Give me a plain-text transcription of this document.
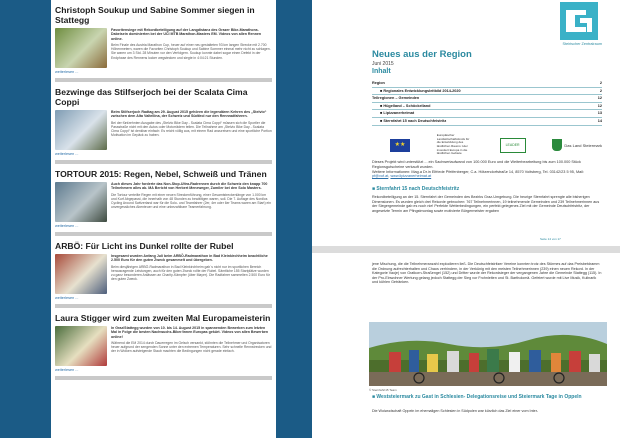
Christoph Soukup und Sabine Sommer siegen in Stattegg
Favoritensiege mit Rekordbeteiligung auf der Langdistanz des Grazer Bike-Marathons. Dabeisein dominierten bei der UCI MTB Marathon-Masters EM. Videos von allen Rennen online.
Beim Finale des Austria Marathon Cup, heuer auf einer neu gestalteten 93 km langen Strecke mit 2.700 Höhenmetern, waren die Favoriten Christoph Soukup und Sabine Sommer einmal mehr nicht zu schlagen. Sie waren um 3 Std. 28 Minuten vor den Verfolgern. Soukup konnte dabei sogar einen Defekt in der Endphase des Rennens locker wegstecken und siegte in 4:04:21 Stunden.
weiterlesen ...
Bezwinge das Stilfserjoch bei der Scalata Cima Coppi
Beim Stilfserjoch Radtag am 29. August 2015 gehören die legendären Kehren des „Stelvio“ zwischen dem Alta Valtellina, der Schweiz und Südtirol nur den Rennradfahrern.
Bei der fünfzehnten Ausgabe des „Stelvio Bike Day - Scalata Cima Coppi“ müssen sich die Sportler die Passstraße nicht mit den Autos oder Motorrädern teilen. Die Teilnahme am „Stelvio Bike Day - Scalata Cima Coppi“ ist denkbar einfach: Es reicht völlig aus, mit einem Rad anzureisen und eine sportliche Portion Motivation im Gepäck zu haben.
weiterlesen ...
TORTOUR 2015: Regen, Nebel, Schweiß und Tränen
Auch dieses Jahr forderte das Non-Stop-Ultra-Radrennen durch die Schweiz den knapp 700 Teilnehmern alles ab. MA Bericht von Herbert Meneweger, Zumiler bei den Solo Masters.
Die Tortour verteilte Regen mit einer neuen Streckenführung, einer Gesamtstreckenlänge von 1.000 km und Kurf Abgepasst, die innerhalb von 48 Stunden zu bewältigen waren, soll. Die 7. Auflage des Nordlos Cycling Around Switzerland war für die Solo- und Teamfahrer (2er, 4er oder 6er Teams waren am Start) ein unvergessliches Abenteuer und eine unbezahlbare Teamerfahrung.
weiterlesen ...
ARBÖ: Für Licht ins Dunkel rollte der Rubel
Insgesamt wurden Anfang Juli beim ARBÖ-Radmarathon in Bad Kleinkirchheim beachtliche 2.500 Euro für den guten Zweck gesammelt und übergeben.
Beim diesjährigen ARBÖ-Radmarathon in Bad Kleinkirchheim gab´s nicht nur im sportlichen Bereich herausragende Leistungen, auch für den guten Zweck rollte der Rubel. Sämtliche 155 Startplätze wurden zu ganz besonderen Anlässen an Charity-Kämpfer (über Mayer). Die Radfahrer sammelten 2.500 Euro für den guten Zweck.
weiterlesen ...
Laura Stigger wird zum zweiten Mal Europameisterin
In Graz/Stattegg wurden von 10. bis 14. August 2015 in spannenden Bewerben zum letzten Mal in Folge die besten Nachwuchs-Biker/innen Europas gekürt. Videos von allen Bewerben online!
Während die EM 2014 durch Dauerregen im Gelsch versankt, stöhnten die Teilnehmer und Organisatoren heuer aufgrund der sengenden Sonne unter den extremen Temperaturen. Sehr schnelle Rennstrecken und der in Wolken aufsteigende Staub machten die Bedingungen nicht gerade einfach.
weiterlesen ...
Steirischer Zentralraum
Neues aus der Region
Juni 2015
Inhalt
Region	2
■ Regionales Entwicklungsleitbild 2014-2020	2
Teilregionen – Gemeinden	12
■ Hügelland – Schöckelland	12
■ Lipizzanerheimat	13
■ Sternfahrt 15 nach Deutschfeistritz	14
★★
Europäischer Landwirtschaftsfonds für die Entwicklung des ländlichen Raums: Hier investiert Europa in die ländlichen Gebiete
LEADER	Das Land Steiermark
Dieses Projekt wird unterstützt ... ein Sachwertaufwand von 100.000 Euro und die Weiterbearbeitung bis zum 100.000 Stück Regionsgutscheine verkauft wurden.
Weitere Informationen: Mag.a Dr.in Elfriede Pfeifenberger, C.a. Hötzendorfstraße 14, 8570 Voitsberg, Tel. 03142/23 5 95, Mail: pf@vof.at, www.lipizzanerheimat.at
■ Sternfahrt 15 nach Deutschfeistritz
Rekordbeteiligung an der 15. Sternfahrt der Gemeinden des Bezirks Graz-Umgebung. Die heurige Sternfahrt sprengte alle bisherigen Dimensionen. Es wurden gleich drei Rekorde gebrochen: 767 Teilnehmerinnen, 19 teilnehmende Gemeinden und 239 Teilnehmerinnen aus der Siegergemeinde gab es noch nie! Perfekte Wetterbedingungen, ein perfekt gelegenes Ziel mit der Gemeinde Deutschfeistritz, der angesetzte Termin am Pfingstmontag sowie motivierte Bürgermeister ergaben
Seite 14 von 17
jene Mischung, die die Teilnehmeranzahl explodieren ließ. Die Deutschfeistritzer Vereine konnten trotz des Stürmes auf das Preisbetdramm die Ordnung aufrechterhalten und Chaos verhindern, in der Verkünig mit den meisten Teilnehmerinnen (239) einen neuen Rekord. In der Kategorie Vaoje) von Gratkorn-Straßengel (152) und Dritter wurde der Rekordsieger der vergangenen Jahre die Gemeinde Stattegg (115). In der Pro-Einwohner Wertung gelang jedoch Stattegg der Sieg vor Frohnleiten und St. Bartholomä. Gefeiert wurde mit Live Musik, Kulinarik und kühlen Getränken.
© Sternfahrt15 Team
■ Weststeiermark zu Gast in Schlesien- Delegationsreise und Steiermark Tage in Oppeln
Die Woiwodschaft Oppeln im ehemaligen Schlesien in Südpolen war kürzlich das Ziel einer vom Inter-
